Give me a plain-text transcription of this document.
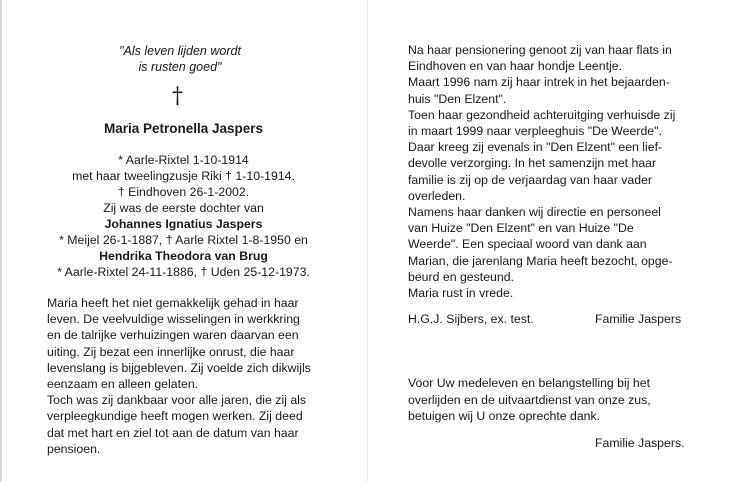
"Als leven lijden wordt
is rusten goed"
†
Maria Petronella Jaspers
* Aarle-Rixtel 1-10-1914
met haar tweelingzusje Riki † 1-10-1914.
† Eindhoven 26-1-2002.
Zij was de eerste dochter van
Johannes Ignatius Jaspers
* Meijel 26-1-1887, † Aarle Rixtel 1-8-1950 en
Hendrika Theodora van Brug
* Aarle-Rixtel 24-11-1886, † Uden 25-12-1973.
Maria heeft het niet gemakkelijk gehad in haar
leven. De veelvuldige wisselingen in werkkring
en de talrijke verhuizingen waren daarvan een
uiting. Zij bezat een innerlijke onrust, die haar
levenslang is bijgebleven. Zij voelde zich dikwijls
eenzaam en alleen gelaten.
Toch was zij dankbaar voor alle jaren, die zij als
verpleegkundige heeft mogen werken. Zij deed
dat met hart en ziel tot aan de datum van haar
pensioen.
Na haar pensionering genoot zij van haar flats in
Eindhoven en van haar hondje Leentje.
Maart 1996 nam zij haar intrek in het bejaarden-
huis "Den Elzent".
Toen haar gezondheid achteruitging verhuisde zij
in maart 1999 naar verpleeghuis "De Weerde".
Daar kreeg zij evenals in "Den Elzent" een lief-
devolle verzorging. In het samenzijn met haar
familie is zij op de verjaardag van haar vader
overleden.
Namens haar danken wij directie en personeel
van Huize "Den Elzent" en van Huize "De
Weerde". Een speciaal woord van dank aan
Marian, die jarenlang Maria heeft bezocht, opge-
beurd en gesteund.
Maria rust in vrede.
H.G.J. Sijbers, ex. test.	Familie Jaspers
Voor Uw medeleven en belangstelling bij het
overlijden en de uitvaartdienst van onze zus,
betuigen wij U onze oprechte dank.
Familie Jaspers.
